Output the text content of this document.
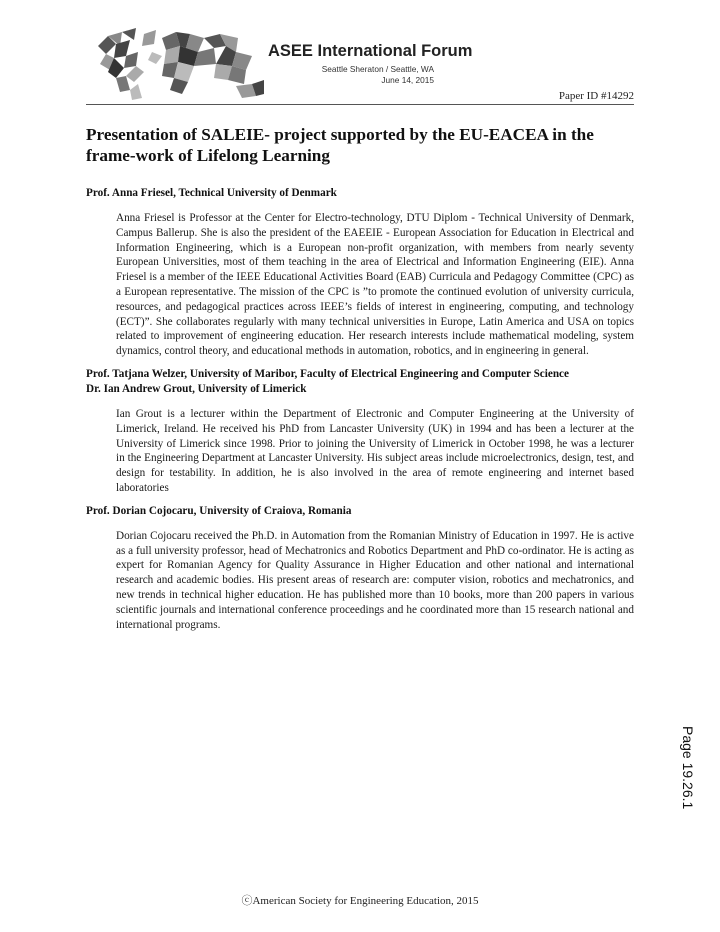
ASEE International Forum
Seattle Sheraton / Seattle, WA
June 14, 2015
Paper ID #14292
Presentation of SALEIE- project supported by the EU-EACEA in the frame-work of Lifelong Learning
Prof. Anna Friesel, Technical University of Denmark

Anna Friesel is Professor at the Center for Electro-technology, DTU Diplom - Technical University of Denmark, Campus Ballerup. She is also the president of the EAEEIE - European Association for Education in Electrical and Information Engineering, which is a European non-profit organization, with members from nearly seventy European Universities, most of them teaching in the area of Electrical and Information Engineering (EIE). Anna Friesel is a member of the IEEE Educational Activities Board (EAB) Curricula and Pedagogy Committee (CPC) as a European representative. The mission of the CPC is ”to promote the continued evolution of university curricula, resources, and pedagogical practices across IEEE’s fields of interest in engineering, computing, and technology (ECT)”. She collaborates regularly with many technical universities in Europe, Latin America and USA on topics related to improvement of engineering education. Her research interests include mathematical modeling, system dynamics, control theory, and educational methods in automation, robotics, and in engineering in general.

Prof. Tatjana Welzer, University of Maribor, Faculty of Electrical Engineering and Computer Science
Dr. Ian Andrew Grout, University of Limerick

Ian Grout is a lecturer within the Department of Electronic and Computer Engineering at the University of Limerick, Ireland. He received his PhD from Lancaster University (UK) in 1994 and has been a lecturer at the University of Limerick since 1998. Prior to joining the University of Limerick in October 1998, he was a lecturer in the Engineering Department at Lancaster University. His subject areas include microelectronics, design, test, and design for testability. In addition, he is also involved in the area of remote engineering and internet based laboratories

Prof. Dorian Cojocaru, University of Craiova, Romania

Dorian Cojocaru received the Ph.D. in Automation from the Romanian Ministry of Education in 1997. He is active as a full university professor, head of Mechatronics and Robotics Department and PhD co-ordinator. He is acting as expert for Romanian Agency for Quality Assurance in Higher Education and other national and international research and academic bodies. His present areas of research are: computer vision, robotics and mechatronics, and new trends in technical higher education. He has published more than 10 books, more than 200 papers in various scientific journals and international conference proceedings and he coordinated more than 15 research national and international programs.

ⓒAmerican Society for Engineering Education, 2015
Page 19.26.1
